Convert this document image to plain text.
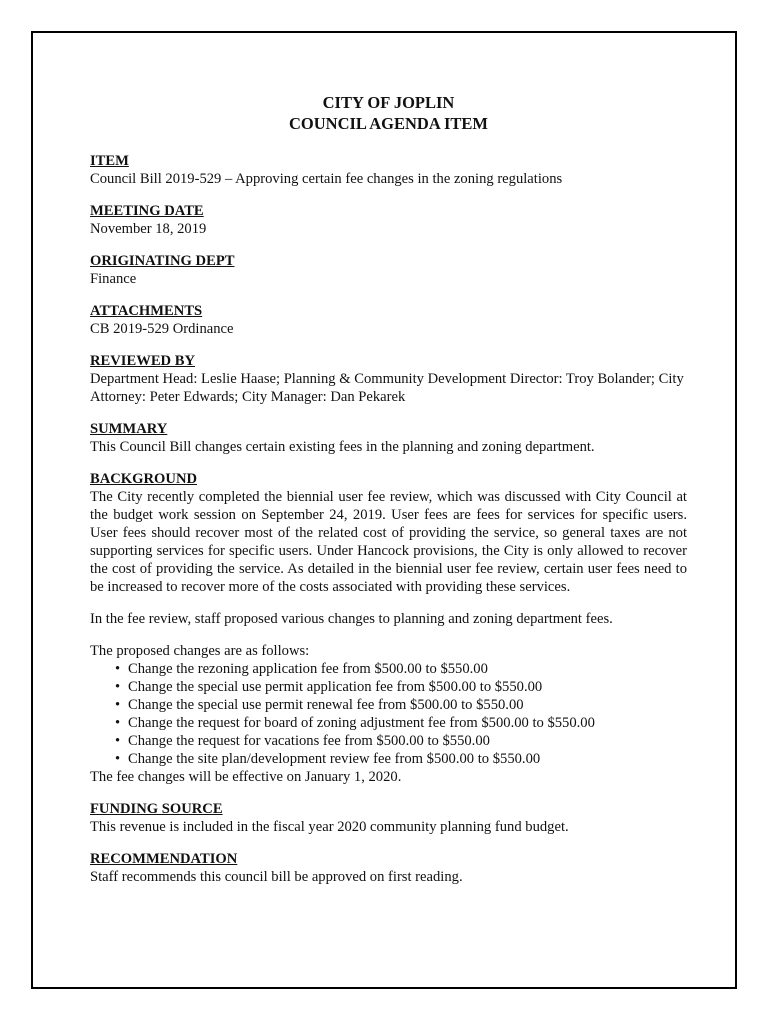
CITY OF JOPLIN

COUNCIL AGENDA ITEM

ITEM

Council Bill 2019-529 – Approving certain fee changes in the zoning regulations

MEETING DATE

November 18, 2019

ORIGINATING DEPT

Finance

ATTACHMENTS

CB 2019-529 Ordinance

REVIEWED BY

Department Head: Leslie Haase; Planning & Community Development Director: Troy Bolander; City Attorney: Peter Edwards; City Manager: Dan Pekarek

SUMMARY

This Council Bill changes certain existing fees in the planning and zoning department.

BACKGROUND

The City recently completed the biennial user fee review, which was discussed with City Council at the budget work session on September 24, 2019. User fees are fees for services for specific users. User fees should recover most of the related cost of providing the service, so general taxes are not supporting services for specific users. Under Hancock provisions, the City is only allowed to recover the cost of providing the service. As detailed in the biennial user fee review, certain user fees need to be increased to recover more of the costs associated with providing these services.

In the fee review, staff proposed various changes to planning and zoning department fees.

The proposed changes are as follows:

• Change the rezoning application fee from $500.00 to $550.00
• Change the special use permit application fee from $500.00 to $550.00
• Change the special use permit renewal fee from $500.00 to $550.00
• Change the request for board of zoning adjustment fee from $500.00 to $550.00
• Change the request for vacations fee from $500.00 to $550.00
• Change the site plan/development review fee from $500.00 to $550.00

The fee changes will be effective on January 1, 2020.

FUNDING SOURCE

This revenue is included in the fiscal year 2020 community planning fund budget.

RECOMMENDATION

Staff recommends this council bill be approved on first reading.
